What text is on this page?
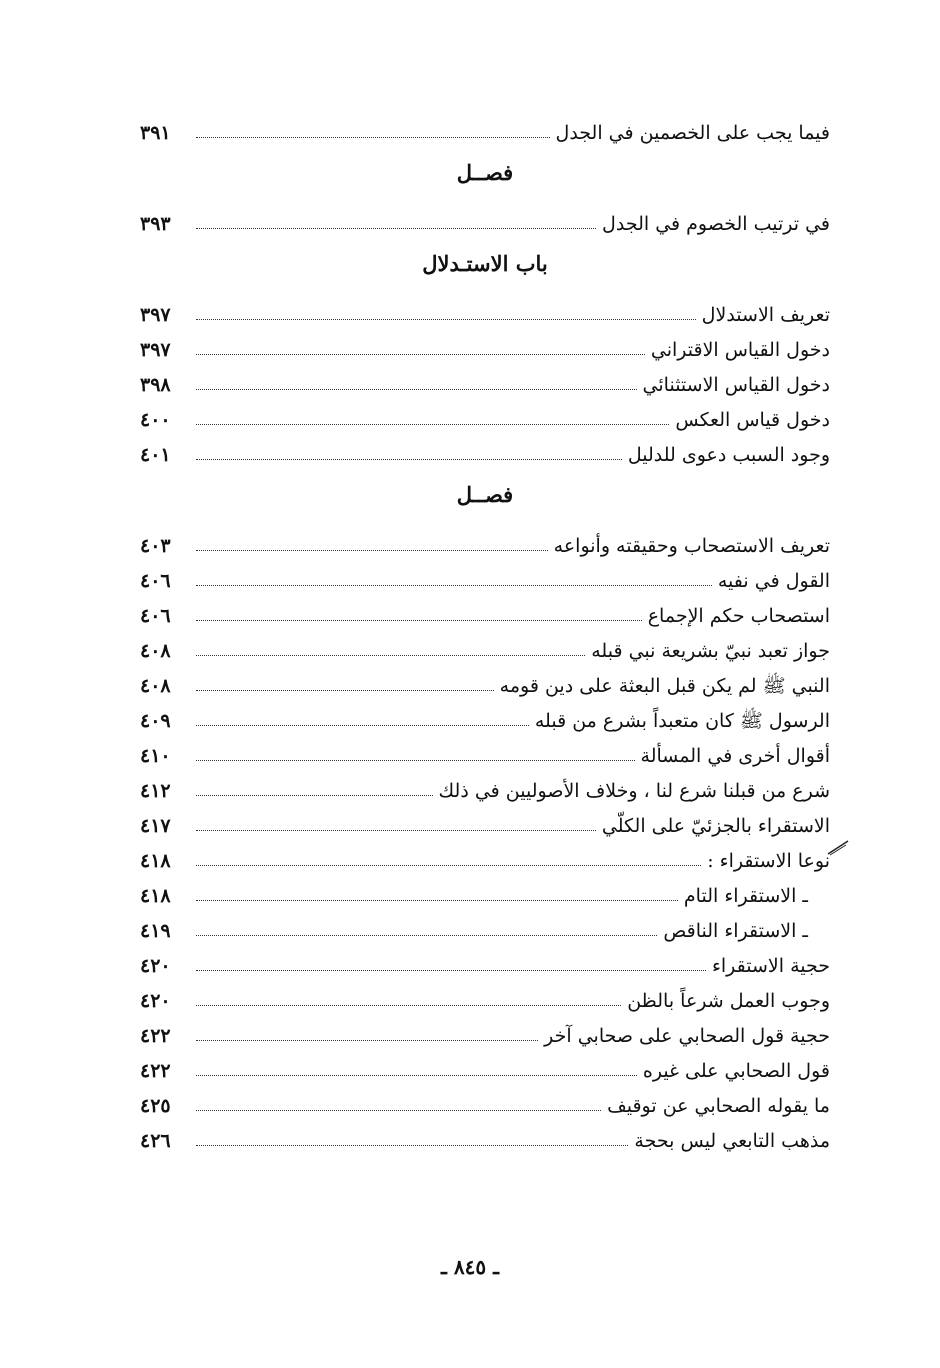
فيما يجب على الخصمين في الجدل
٣٩١
فصــل
في ترتيب الخصوم في الجدل
٣٩٣
باب الاستـدلال
تعريف الاستدلال
٣٩٧
دخول القياس الاقتراني
٣٩٧
دخول القياس الاستثنائي
٣٩٨
دخول قياس العكس
٤٠٠
وجود السبب دعوى للدليل
٤٠١
فصــل
تعريف الاستصحاب وحقيقته وأنواعه
٤٠٣
القول في نفيه
٤٠٦
استصحاب حكم الإجماع
٤٠٦
جواز تعبد نبيّ بشريعة نبي قبله
٤٠٨
النبي ﷺ لم يكن قبل البعثة على دين قومه
٤٠٨
الرسول ﷺ كان متعبداً بشرع من قبله
٤٠٩
أقوال أخرى في المسألة
٤١٠
شرع من قبلنا شرع لنا ، وخلاف الأصوليين في ذلك
٤١٢
الاستقراء بالجزئيّ على الكلّي
٤١٧
نوعا الاستقراء :
٤١٨
ـ الاستقراء التام
٤١٨
ـ الاستقراء الناقص
٤١٩
حجية الاستقراء
٤٢٠
وجوب العمل شرعاً بالظن
٤٢٠
حجية قول الصحابي على صحابي آخر
٤٢٢
قول الصحابي على غيره
٤٢٢
ما يقوله الصحابي عن توقيف
٤٢٥
مذهب التابعي ليس بحجة
٤٢٦
ـ ٨٤٥ ـ
